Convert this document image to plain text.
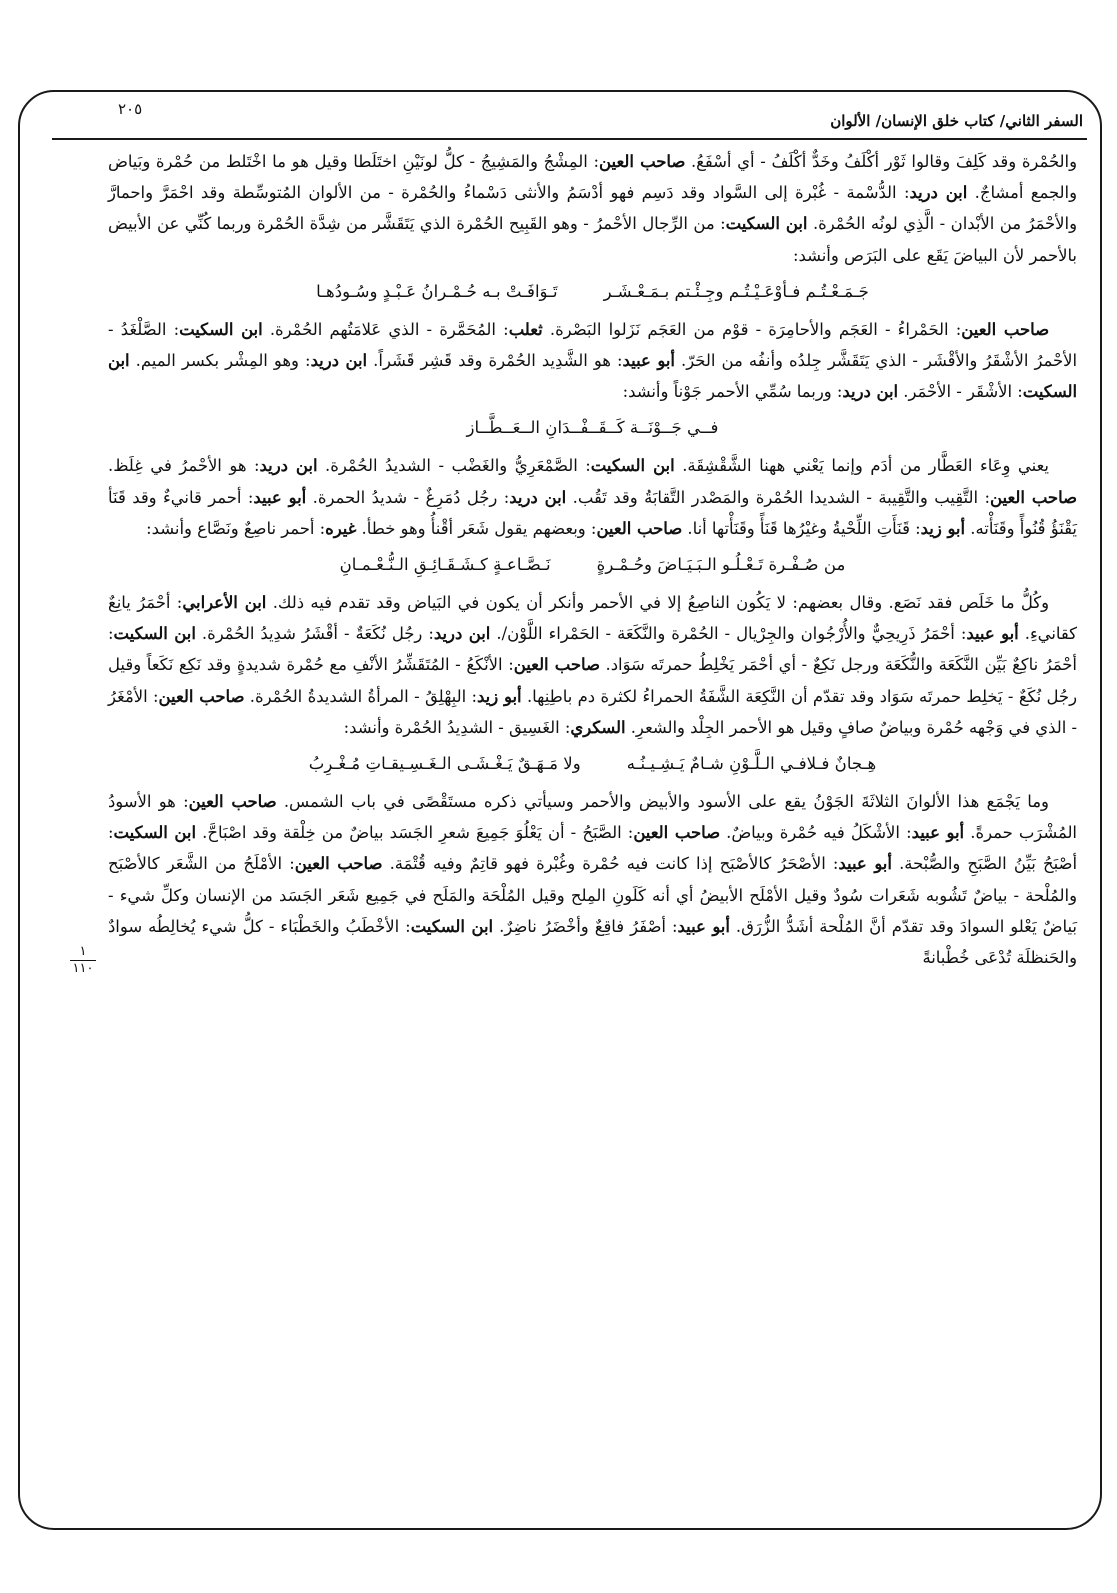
٢٠٥
السفر الثاني/ كتاب خلق الإنسان/ الألوان
١
١١٠

والحُمْرة وقد كَلِفَ وقالوا ثَوْر أكْلَفُ وخَدٌّ أكْلَفُ - أي أسْفَعُ. صاحب العين: المِشْجُ والمَشِيجُ - كلُّ لونَيْنِ اختَلَطا وقيل هو ما اخْتَلط من حُمْرة وبَياض والجمع أمشاجٌ. ابن دريد: الدُّسْمة - غُبْرة إلى السَّواد وقد دَسِم فهو أدْسَمُ والأنثى دَسْماءُ والحُمْرة - من الألوان المُتوسِّطة وقد احْمَرَّ واحمارَّ والأحْمَرُ من الأبْدان - الَّذِي لونُه الحُمْرة. ابن السكيت: من الرِّجال الأحْمرُ - وهو القَبِيح الحُمْرة الذي يَتَقَشَّر من شِدَّة الحُمْرة وربما كُنِّي عن الأبيض بالأحمر لأن البياضَ يَقَع على البَرَص وأنشد:

جَـمَـعْـتُـم فـأوْعَـيْـتُـم وجِـئْـتم بـمَـعْـشَـر
تَـوَافَـتْ بـه حُـمْـرانُ عَـبْـدٍ وسُـودُهـا

صاحب العين: الحَمْراءُ - العَجَم والأحامِرَة - قوْم من العَجَم نَزَلوا البَصْرة. ثعلب: المُحَمَّرة - الذي عَلامَتُهم الحُمْرة. ابن السكيت: الصَّلْغَدُ - الأحْمرُ الأشْقَرُ والأقْشَر - الذي يَتَقَشَّر جِلدُه وأنفُه من الحَرّ. أبو عبيد: هو الشَّدِيد الحُمْرة وقد قَشِر قَشَراً. ابن دريد: وهو المِشْر بكسر الميم. ابن السكيت: الأشْقَر - الأحْمَر. ابن دريد: وربما سُمِّي الأحمر جَوْناً وأنشد:

فــي جَــوْنَــة كَــقَــفْــدَانِ الــعَــطَّــاز

يعني وِعَاء العَطَّار من أدَم وإنما يَعْني ههنا الشَّقْشِقَة. ابن السكيت: الصَّمْعَرِيُّ والغَضْب - الشديدُ الحُمْرة. ابن دريد: هو الأحْمرُ في غِلَظ. صاحب العين: التَّقِيب والتَّقِيبة - الشديدا الحُمْرة والمَصْدر التَّقابَةُ وقد تَقُب. ابن دريد: رجُل دُمَرِغٌ - شديدُ الحمرة. أبو عبيد: أحمر قانيءٌ وقد قَنَأ يَقْنَؤُ قُنُوأً وقَنَأْته. أبو زيد: قَنَأَتِ اللِّحْيةُ وغيْرُها قَنَأً وقَنَأْتها أنا. صاحب العين: وبعضهم يقول شَعَر أقْنأُ وهو خطأ. غيره: أحمر ناصِعٌ ونَصَّاع وأنشد:

من صُـفْـرة تَـعْـلُـو الـبَـيَـاضَ وحُـمْـرةٍ
نَـصَّـاعـةٍ كـشَـقَـائِـقِ الـنُّـعْـمـانِ

وكُلُّ ما خَلَص فقد نَصَع. وقال بعضهم: لا يَكُون الناصِعُ إلا في الأحمر وأنكر أن يكون في البَياض وقد تقدم فيه ذلك. ابن الأعرابي: أحْمَرُ يانِعٌ كقانيءِ. أبو عبيد: أحْمَرُ ذَرِيحِيٌّ والأُرْجُوان والجِرْيال - الحُمْرة والنَّكَعَة - الحَمْراء اللَّوْن/. ابن دريد: رجُل نُكَعَةٌ - أقْشَرُ شدِيدُ الحُمْرة. ابن السكيت: أحْمَرُ ناكِعٌ بَيِّن النَّكَعَة والنُّكَعَة ورجل نَكِعٌ - أي أحْمَر يَخْلِطُ حمرتَه سَوَاد. صاحب العين: الأنْكَعُ - المُتَقَشِّرُ الأنْفِ مع حُمْرة شديدةٍ وقد نَكِع نَكَعاً وقيل رجُل نُكَعٌ - يَخلِط حمرتَه سَوَاد وقد تقدّم أن النَّكِعَة الشَّفَةُ الحمراءُ لكثرة دم باطِنِها. أبو زيد: البِهْلِقُ - المرأةُ الشديدةُ الحُمْرة. صاحب العين: الأمْغَرُ - الذي في وَجْهه حُمْرة وبياضٌ صافٍ وقيل هو الأحمر الجِلْد والشعرِ. السكري: الغَسِيق - الشدِيدُ الحُمْرة وأنشد:

هِـجانٌ فـلافـي الـلَّـوْنِ شـامٌ يَـشِـيـنُـه
ولا مَـهَـقٌ يَـغْـشَـى الـغَـسِـيقـاتِ مُـغْـرِبُ

وما يَجْمَع هذا الألوانَ الثلاثَةَ الجَوْنُ يقع على الأسود والأبيض والأحمر وسيأتي ذكره مستَقْصًى في باب الشمس. صاحب العين: هو الأسودُ المُشْرَب حمرةً. أبو عبيد: الأشْكَلُ فيه حُمْرة وبياضٌ. صاحب العين: الصَّبَحُ - أن يَعْلُوَ جَمِيعَ شعرِ الجَسَد بياضٌ من خِلْقة وقد اصْبَاحَّ. ابن السكيت: أصْبَحُ بَيِّنُ الصَّبَحِ والصُّبْحة. أبو عبيد: الأصْحَرُ كالأصْبَح إذا كانت فيه حُمْرة وغُبْرة فهو قاتِمٌ وفيه قُتْمَة. صاحب العين: الأمْلَحُ من الشَّعَر كالأصْبَح والمُلْحة - بياضٌ تَشُوبه شَعَرات سُودٌ وقيل الأمْلَح الأبيضُ أي أنه كَلَونِ المِلح وقيل المُلْحَة والمَلَح في جَمِيع شَعَر الجَسَد من الإنسان وكلِّ شيء - بَياضٌ يَعْلو السوادَ وقد تقدّم أنَّ المُلْحة أشَدُّ الزُّرَق. أبو عبيد: أصْفَرُ فاقِعٌ وأخْضَرُ ناضِرٌ. ابن السكيت: الأخْطَبُ والخَطْبَاء - كلُّ شيء يُخالِطُه سوادٌ والحَنظلَة تُدْعَى خُطْبانةً
